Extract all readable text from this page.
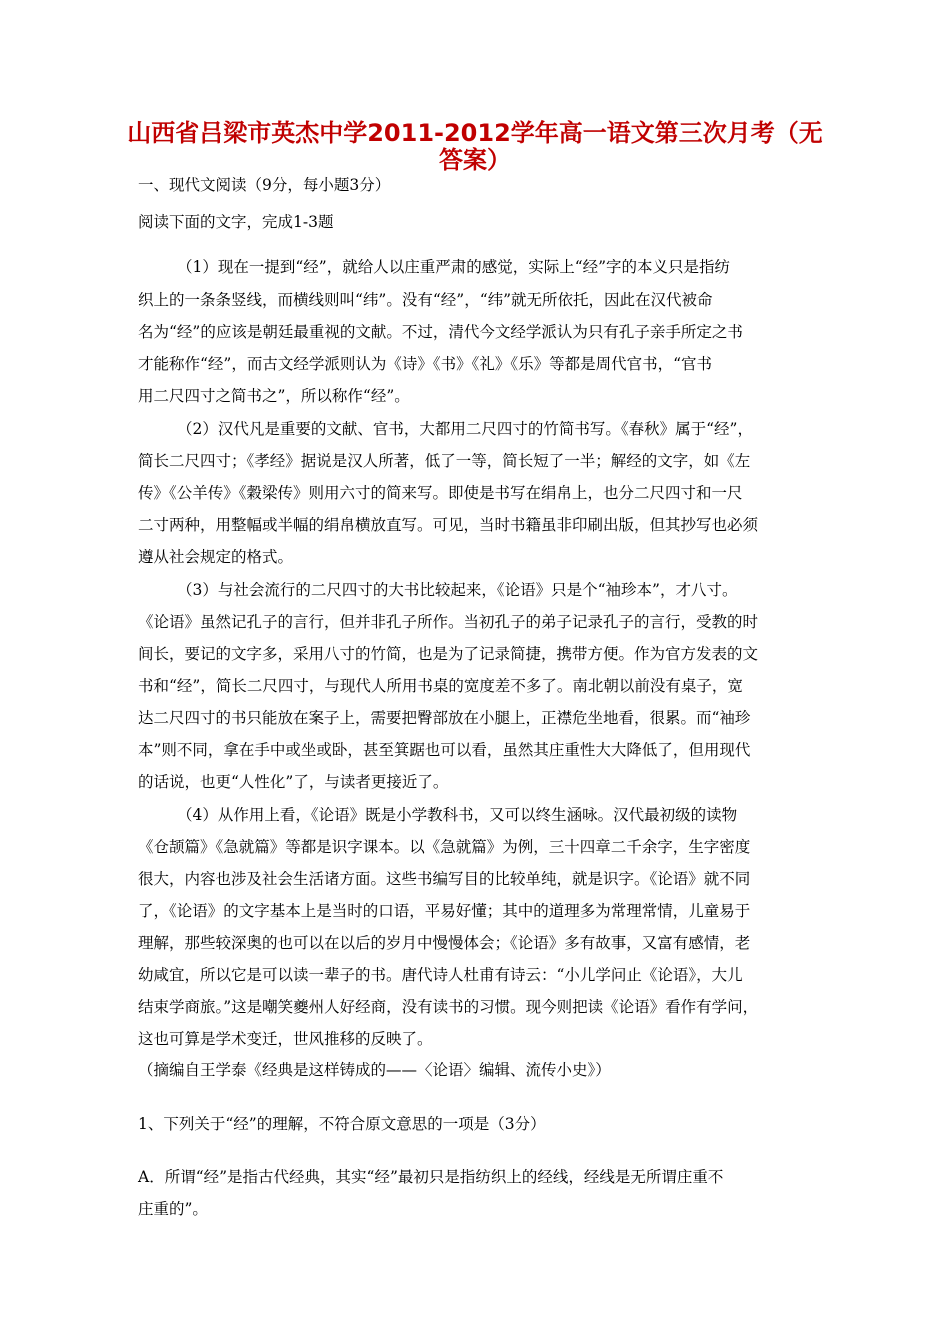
山西省吕梁市英杰中学2011-2012学年高一语文第三次月考（无答案）
一、现代文阅读（9分，每小题3分）
阅读下面的文字，完成1-3题
（1）现在一提到“经”，就给人以庄重严肃的感觉，实际上“经”字的本义只是指纺
织上的一条条竖线，而横线则叫“纬”。没有“经”，“纬”就无所依托，因此在汉代被命
名为“经”的应该是朝廷最重视的文献。不过，清代今文经学派认为只有孔子亲手所定之书
才能称作“经”，而古文经学派则认为《诗》《书》《礼》《乐》等都是周代官书，“官书
用二尺四寸之简书之”，所以称作“经”。
（2）汉代凡是重要的文献、官书，大都用二尺四寸的竹简书写。《春秋》属于“经”，
简长二尺四寸；《孝经》据说是汉人所著，低了一等，简长短了一半；解经的文字，如《左
传》《公羊传》《穀梁传》则用六寸的简来写。即使是书写在绢帛上，也分二尺四寸和一尺
二寸两种，用整幅或半幅的绢帛横放直写。可见，当时书籍虽非印刷出版，但其抄写也必须
遵从社会规定的格式。
（3）与社会流行的二尺四寸的大书比较起来，《论语》只是个“袖珍本”，才八寸。
《论语》虽然记孔子的言行，但并非孔子所作。当初孔子的弟子记录孔子的言行，受教的时
间长，要记的文字多，采用八寸的竹简，也是为了记录简捷，携带方便。作为官方发表的文
书和“经”，简长二尺四寸，与现代人所用书桌的宽度差不多了。南北朝以前没有桌子，宽
达二尺四寸的书只能放在案子上，需要把臀部放在小腿上，正襟危坐地看，很累。而“袖珍
本”则不同，拿在手中或坐或卧，甚至箕踞也可以看，虽然其庄重性大大降低了，但用现代
的话说，也更“人性化”了，与读者更接近了。
（4）从作用上看，《论语》既是小学教科书，又可以终生涵咏。汉代最初级的读物
《仓颉篇》《急就篇》等都是识字课本。以《急就篇》为例，三十四章二千余字，生字密度
很大，内容也涉及社会生活诸方面。这些书编写目的比较单纯，就是识字。《论语》就不同
了，《论语》的文字基本上是当时的口语，平易好懂；其中的道理多为常理常情，儿童易于
理解，那些较深奥的也可以在以后的岁月中慢慢体会；《论语》多有故事，又富有感情，老
幼咸宜，所以它是可以读一辈子的书。唐代诗人杜甫有诗云：“小儿学问止《论语》，大儿
结束学商旅。”这是嘲笑夔州人好经商，没有读书的习惯。现今则把读《论语》看作有学问，
这也可算是学术变迁，世风推移的反映了。
（摘编自王学泰《经典是这样铸成的——〈论语〉编辑、流传小史》）
1、下列关于“经”的理解，不符合原文意思的一项是（3分）
A．所谓“经”是指古代经典，其实“经”最初只是指纺织上的经线，经线是无所谓庄重不
庄重的”。
